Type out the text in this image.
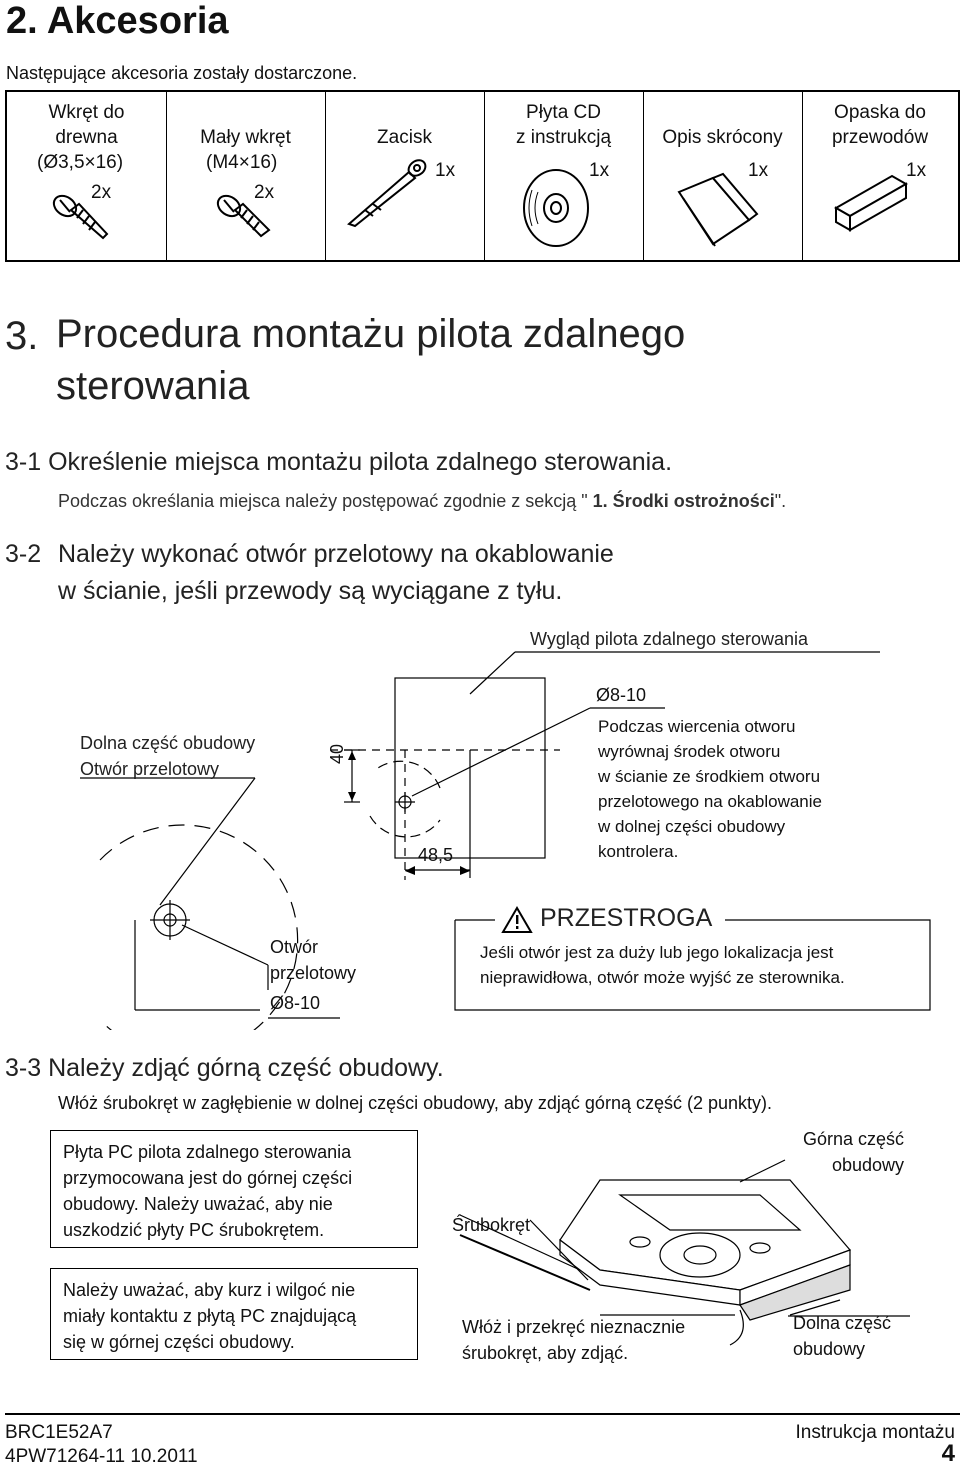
2. Akcesoria
Następujące akcesoria zostały dostarczone.
Wkręt do
drewna
(Ø3,5×16)
2x

Mały wkręt
(M4×16)
2x

Zacisk
1x
Płyta CD
z instrukcją
1x

Opis skrócony
1x
Opaska do
przewodów
1x
3. Procedura montażu pilota zdalnego
sterowania
3-1 Określenie miejsca montażu pilota zdalnego sterowania.
Podczas określania miejsca należy postępować zgodnie z sekcją " 1. Środki ostrożności".
3-2 Należy wykonać otwór przelotowy na okablowanie
w ścianie, jeśli przewody są wyciągane z tyłu.
Wygląd pilota zdalnego sterowania
Dolna część obudowy
Otwór przelotowy
40
48,5
Ø8-10
Podczas wiercenia otworu
wyrównaj środek otworu
w ścianie ze środkiem otworu
przelotowego na okablowanie
w dolnej części obudowy
kontrolera.
Otwór
przelotowy
Ø8-10
PRZESTROGA
Jeśli otwór jest za duży lub jego lokalizacja jest
nieprawidłowa, otwór może wyjść ze sterownika.
3-3 Należy zdjąć górną część obudowy.
Włóż śrubokręt w zagłębienie w dolnej części obudowy, aby zdjąć górną część (2 punkty).
Płyta PC pilota zdalnego sterowania
przymocowana jest do górnej części
obudowy. Należy uważać, aby nie
uszkodzić płyty PC śrubokrętem.
Należy uważać, aby kurz i wilgoć nie
miały kontaktu z płytą PC znajdującą
się w górnej części obudowy.
Górna część
obudowy
Śrubokręt
Włóż i przekręć nieznacznie
śrubokręt, aby zdjąć.
Dolna część
obudowy
BRC1E52A7
4PW71264-11 10.2011
Instrukcja montażu
4
